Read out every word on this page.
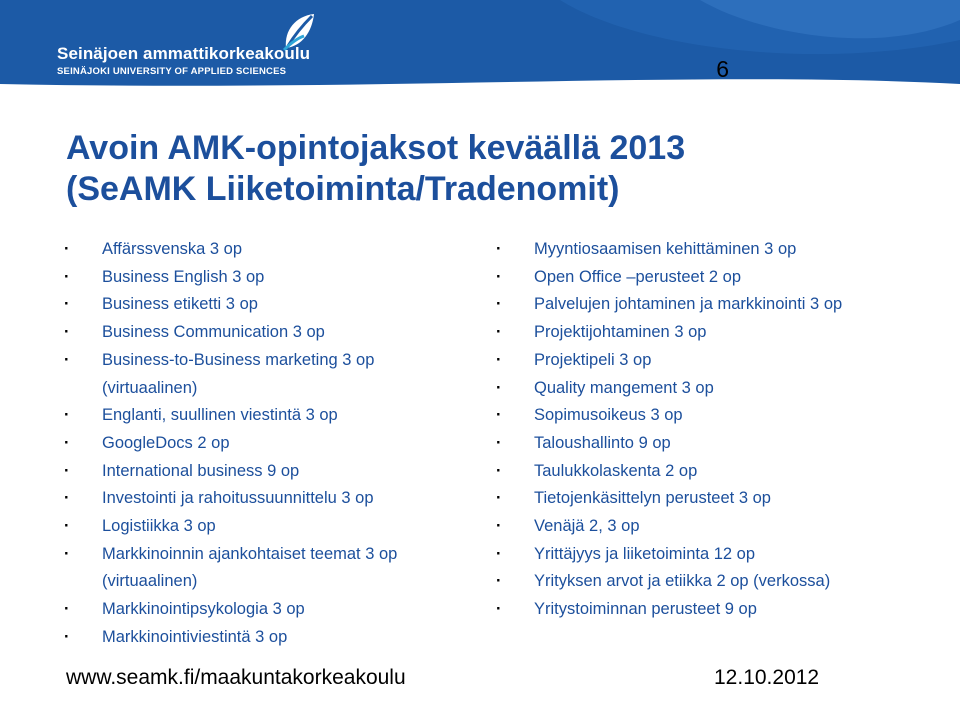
Seinäjoen ammattikorkeakoulu
SEINÄJOKI UNIVERSITY OF APPLIED SCIENCES	6
Avoin AMK-opintojaksot keväällä 2013
(SeAMK Liiketoiminta/Tradenomit)
· Affärssvenska 3 op
· Business English 3 op
· Business etiketti 3 op
· Business Communication 3 op
· Business-to-Business marketing 3 op
(virtuaalinen)
· Englanti, suullinen viestintä 3 op
· GoogleDocs 2 op
· International business 9 op
· Investointi ja rahoitussuunnittelu 3 op
· Logistiikka 3 op
· Markkinoinnin ajankohtaiset teemat 3 op
(virtuaalinen)
· Markkinointipsykologia 3 op
· Markkinointiviestintä 3 op
· Myyntiosaamisen kehittäminen 3 op
· Open Office –perusteet 2 op
· Palvelujen johtaminen ja markkinointi 3 op
· Projektijohtaminen 3 op
· Projektipeli 3 op
· Quality mangement 3 op
· Sopimusoikeus 3 op
· Taloushallinto 9 op
· Taulukkolaskenta 2 op
· Tietojenkäsittelyn perusteet 3 op
· Venäjä 2, 3 op
· Yrittäjyys ja liiketoiminta 12 op
· Yrityksen arvot ja etiikka 2 op (verkossa)
· Yritystoiminnan perusteet 9 op
www.seamk.fi/maakuntakorkeakoulu	12.10.2012
